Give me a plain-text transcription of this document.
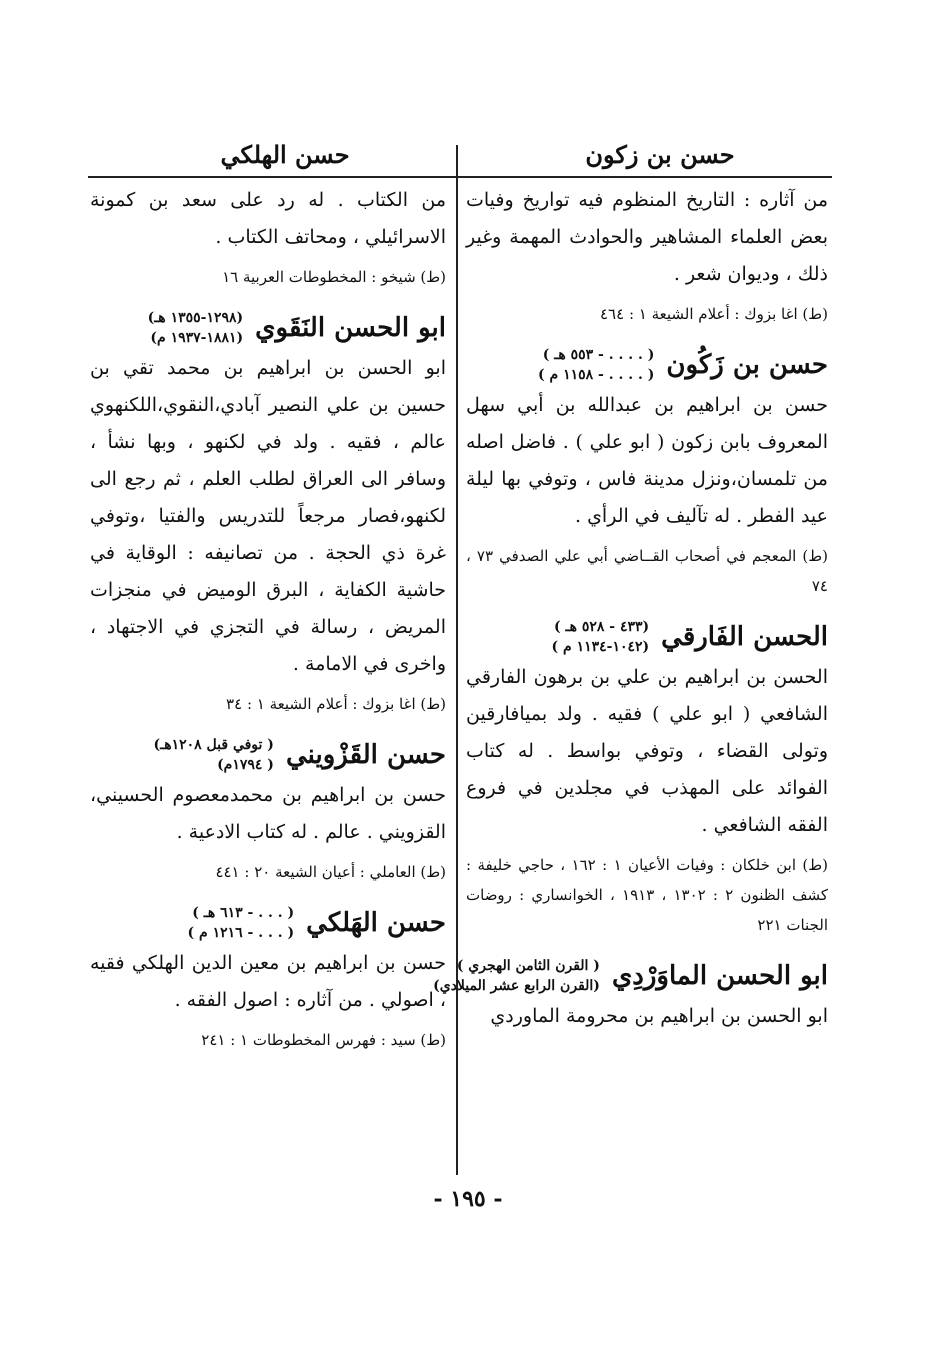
حسن الهلكي	حسن بن زكون

من آثاره : التاريخ المنظوم فيه تواريخ وفيات بعض العلماء المشاهير والحوادث المهمة وغير ذلك ، وديوان شعر .

(ط) اغا بزوك : أعلام الشيعة ١ : ٤٦٤

حسن بن زَكُون
( . . . . - ٥٥٣ هـ )
( . . . . - ١١٥٨ م )

حسن بن ابراهيم بن عبدالله بن أبي سهل المعروف بابن زكون ( ابو علي ) . فاضل اصله من تلمسان،ونزل مدينة فاس ، وتوفي بها ليلة عيد الفطر . له تآليف في الرأي .

(ط) المعجم في أصحاب القــاضي أبي علي الصدفي ٧٣ ، ٧٤

الحسن الفَارقي
(٤٣٣ - ٥٢٨ هـ )
(١٠٤٢-١١٣٤ م )

الحسن بن ابراهيم بن علي بن برهون الفارقي الشافعي ( ابو علي ) فقيه . ولد بميافارقين وتولى القضاء ، وتوفي بواسط . له كتاب الفوائد على المهذب في مجلدين في فروع الفقه الشافعي .

(ط) ابن خلكان : وفيات الأعيان ١ : ١٦٢ ، حاجي خليفة : كشف الظنون ٢ : ١٣٠٢ ، ١٩١٣ ، الخوانساري : روضات الجنات ٢٢١

ابو الحسن الماوَرْدِي
( القرن الثامن الهجري )
(القرن الرابع عشر الميلادي)

ابو الحسن بن ابراهيم بن محرومة الماوردي

من الكتاب . له رد على سعد بن كمونة الاسرائيلي ، ومحاتف الكتاب .

(ط) شيخو : المخطوطات العربية ١٦

ابو الحسن النَقَوي
(١٢٩٨-١٣٥٥ هـ)
(١٨٨١-١٩٣٧ م)

ابو الحسن بن ابراهيم بن محمد تقي بن حسين بن علي النصير آبادي،النقوي،اللكنهوي عالم ، فقيه . ولد في لكنهو ، وبها نشأ ، وسافر الى العراق لطلب العلم ، ثم رجع الى لكنهو،فصار مرجعاً للتدريس والفتيا ،وتوفي غرة ذي الحجة . من تصانيفه : الوقاية في حاشية الكفاية ، البرق الوميض في منجزات المريض ، رسالة في التجزي في الاجتهاد ، واخرى في الامامة .

(ط) اغا بزوك : أعلام الشيعة ١ : ٣٤

حسن القَزْويني
( توفي قبل ١٢٠٨هـ)
( ١٧٩٤م)

حسن بن ابراهيم بن محمدمعصوم الحسيني، القزويني . عالم . له كتاب الادعية .

(ط) العاملي : أعيان الشيعة ٢٠ : ٤٤١

حسن الهَلكي
( . . . - ٦١٣ هـ )
( . . . - ١٢١٦ م )

حسن بن ابراهيم بن معين الدين الهلكي فقيه ، اصولي . من آثاره : اصول الفقه .

(ط) سيد : فهرس المخطوطات ١ : ٢٤١

- ١٩٥ -
